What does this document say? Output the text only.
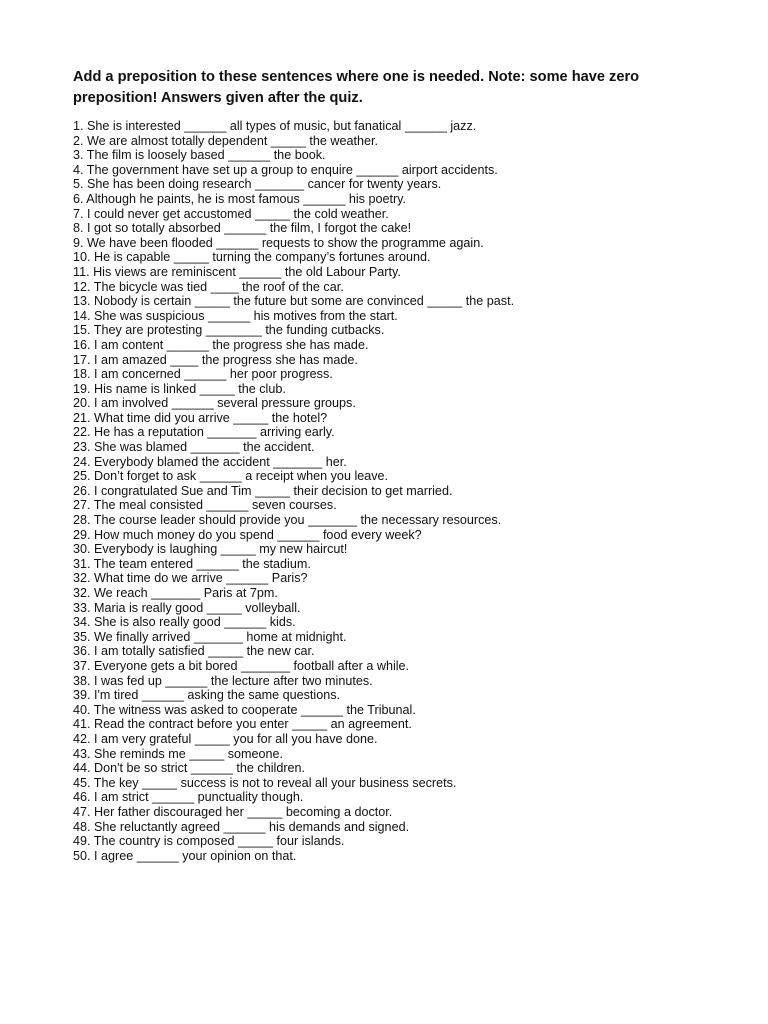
Add a preposition to these sentences where one is needed. Note: some have zero preposition! Answers given after the quiz.
1. She is interested ______ all types of music, but fanatical ______ jazz.
2. We are almost totally dependent _____ the weather.
3. The film is loosely based ______ the book.
4. The government have set up a group to enquire ______ airport accidents.
5. She has been doing research _______ cancer for twenty years.
6. Although he paints, he is most famous ______ his poetry.
7. I could never get accustomed _____ the cold weather.
8. I got so totally absorbed ______ the film, I forgot the cake!
9. We have been flooded ______ requests to show the programme again.
10. He is capable _____ turning the company’s fortunes around.
11. His views are reminiscent ______ the old Labour Party.
12. The bicycle was tied ____ the roof of the car.
13. Nobody is certain _____ the future but some are convinced _____ the past.
14. She was suspicious ______ his motives from the start.
15. They are protesting ________ the funding cutbacks.
16. I am content ______ the progress she has made.
17. I am amazed ____ the progress she has made.
18. I am concerned ______ her poor progress.
19. His name is linked _____ the club.
20. I am involved ______ several pressure groups.
21. What time did you arrive _____ the hotel?
22. He has a reputation _______ arriving early.
23. She was blamed _______ the accident.
24. Everybody blamed the accident _______ her.
25. Don’t forget to ask ______ a receipt when you leave.
26. I congratulated Sue and Tim _____ their decision to get married.
27. The meal consisted ______ seven courses.
28. The course leader should provide you _______ the necessary resources.
29. How much money do you spend ______ food every week?
30. Everybody is laughing _____ my new haircut!
31. The team entered ______ the stadium.
32. What time do we arrive ______ Paris?
32. We reach _______ Paris at 7pm.
33. Maria is really good _____ volleyball.
34. She is also really good ______ kids.
35. We finally arrived _______ home at midnight.
36. I am totally satisfied _____ the new car.
37. Everyone gets a bit bored _______ football after a while.
38. I was fed up ______ the lecture after two minutes.
39. I'm tired ______ asking the same questions.
40. The witness was asked to cooperate ______ the Tribunal.
41. Read the contract before you enter _____ an agreement.
42. I am very grateful _____ you for all you have done.
43. She reminds me _____ someone.
44. Don't be so strict ______ the children.
45. The key _____ success is not to reveal all your business secrets.
46. I am strict ______ punctuality though.
47. Her father discouraged her _____ becoming a doctor.
48. She reluctantly agreed ______ his demands and signed.
49. The country is composed _____ four islands.
50. I agree ______ your opinion on that.
